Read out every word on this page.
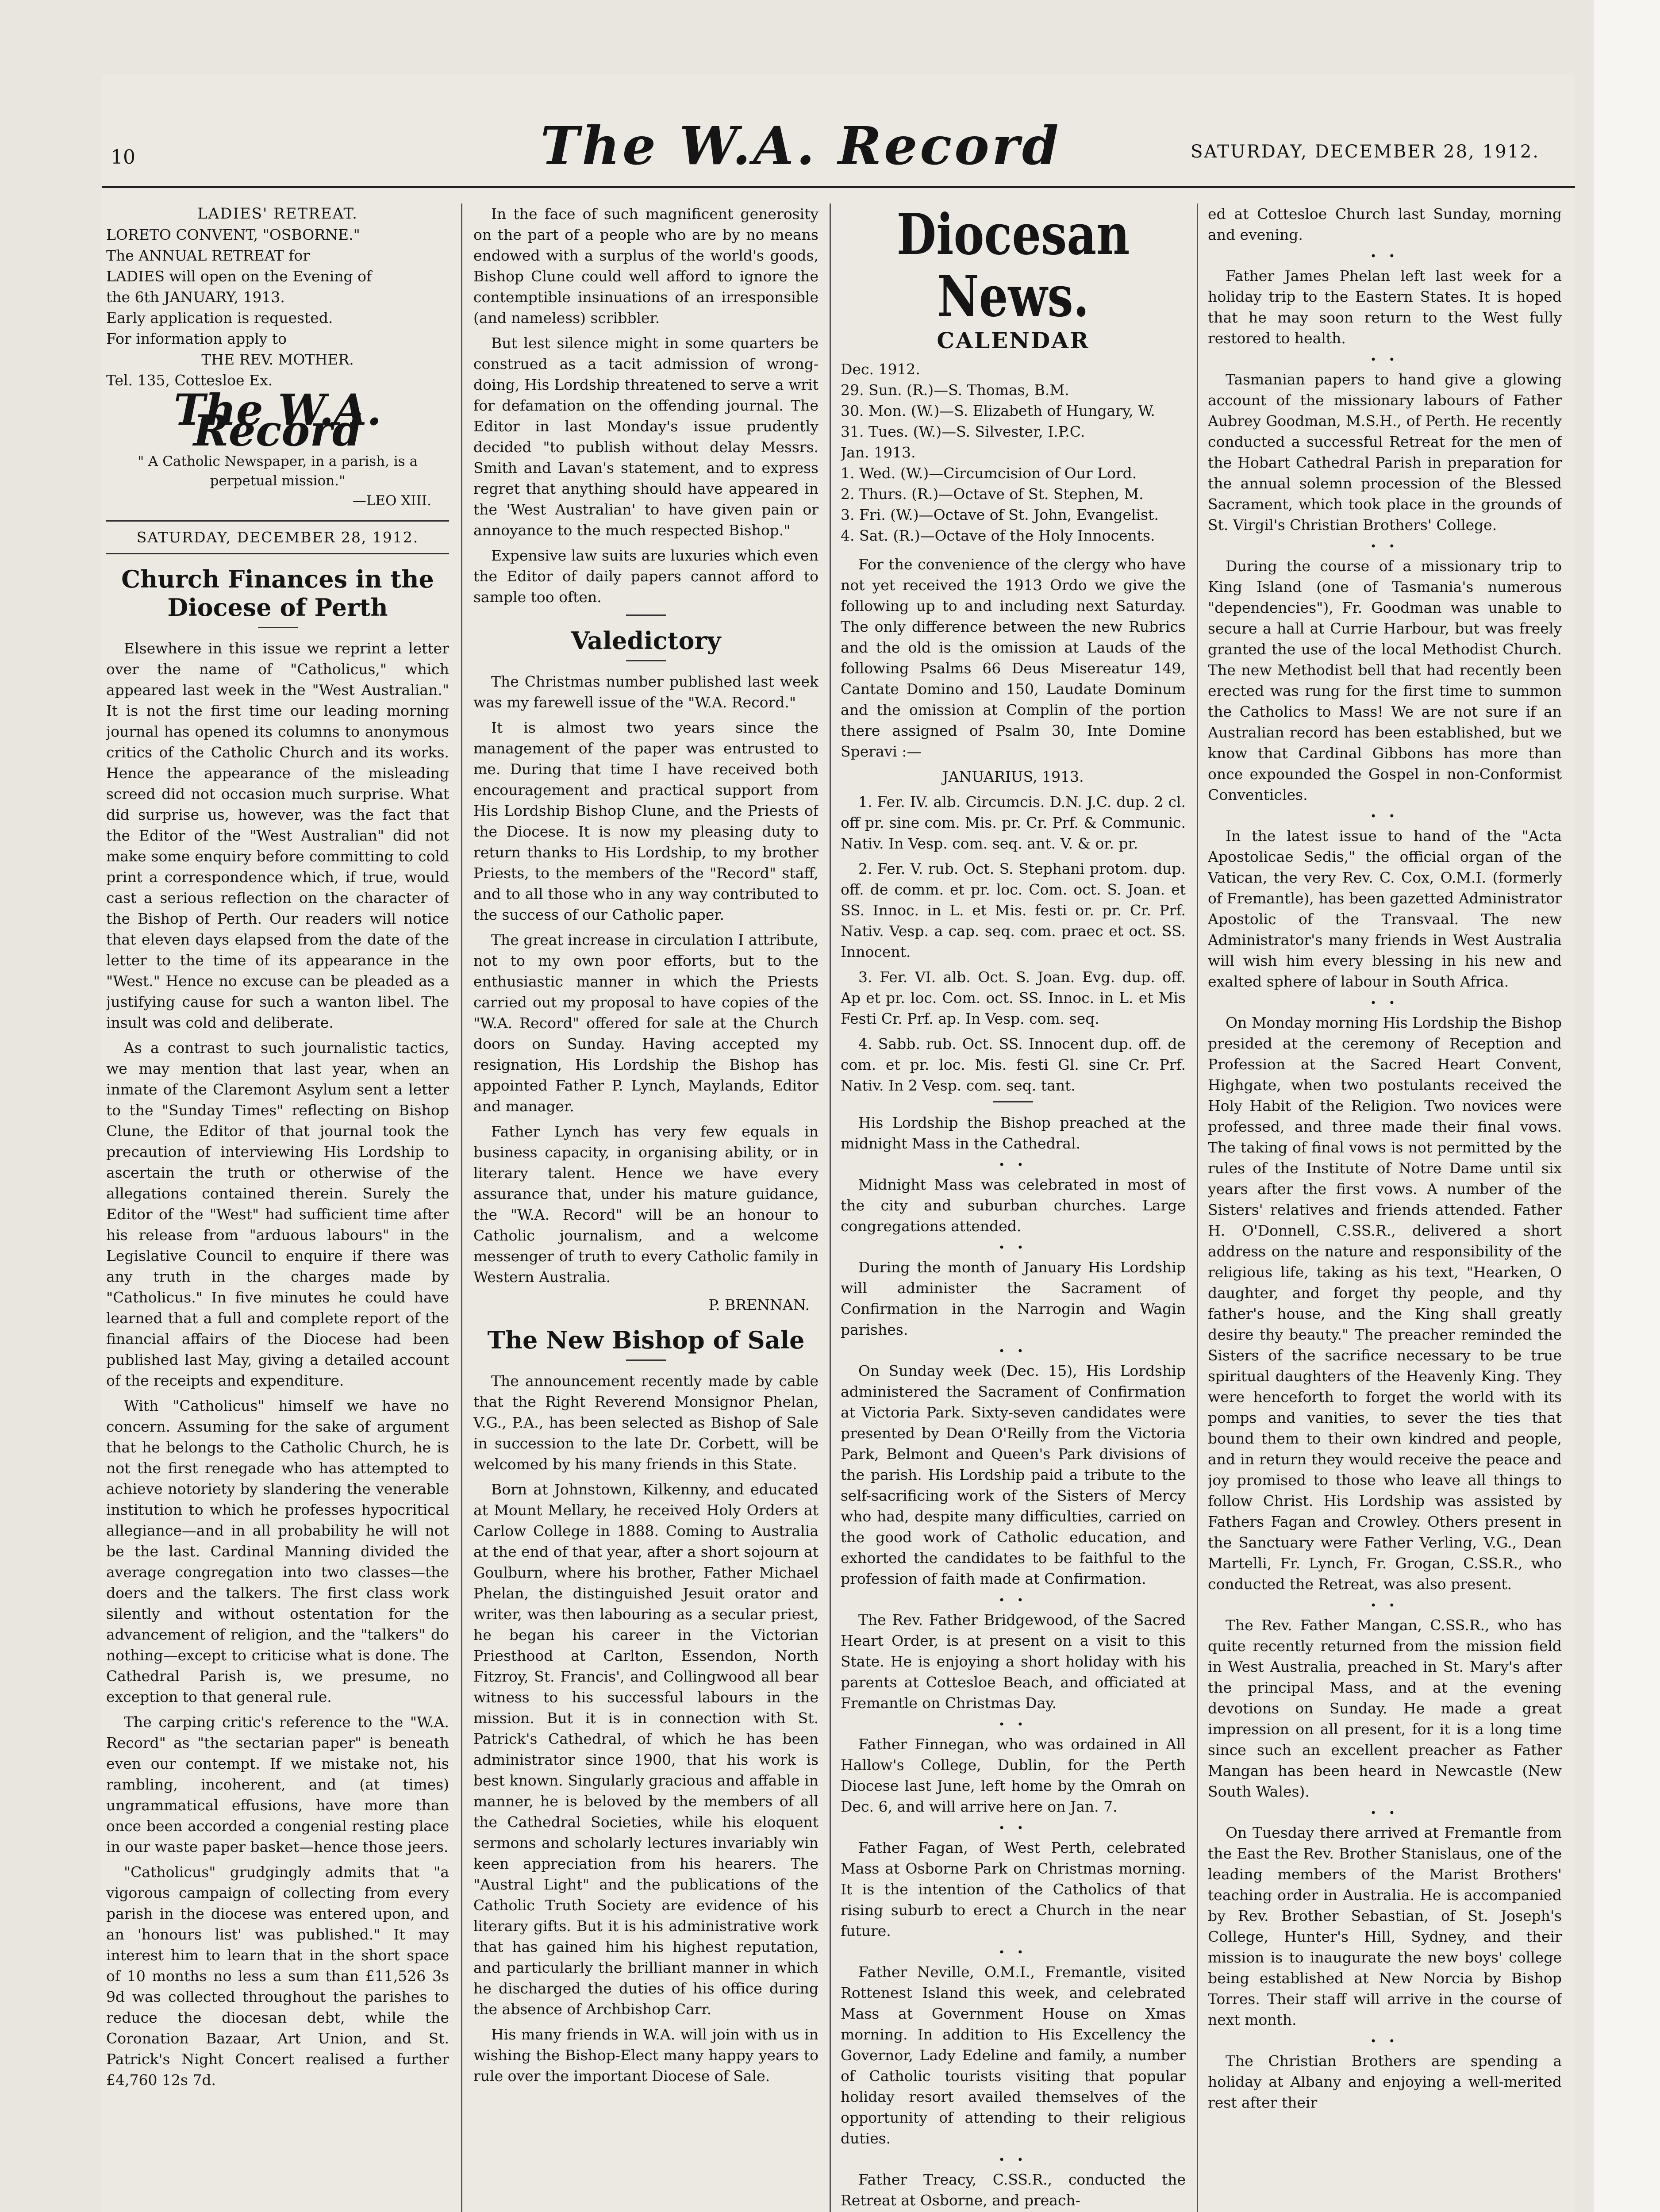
10	The W.A. Record	SATURDAY, DECEMBER 28, 1912.

LADIES' RETREAT.

LORETO CONVENT, "OSBORNE."

The ANNUAL RETREAT for

LADIES will open on the Evening of

the 6th JANUARY, 1913.

Early application is requested.

For information apply to

THE REV. MOTHER.

Tel. 135, Cottesloe Ex.

The W.A. Record
" A Catholic Newspaper, in a parish, is a perpetual mission."
—LEO XIII.
SATURDAY, DECEMBER 28, 1912.
Church Finances in the Diocese of Perth

Elsewhere in this issue we reprint a letter over the name of "Catholicus," which appeared last week in the "West Australian." It is not the first time our leading morning journal has opened its columns to anonymous critics of the Catholic Church and its works. Hence the appearance of the misleading screed did not occasion much surprise. What did surprise us, however, was the fact that the Editor of the "West Australian" did not make some enquiry before committing to cold print a correspondence which, if true, would cast a serious reflection on the character of the Bishop of Perth. Our readers will notice that eleven days elapsed from the date of the letter to the time of its appearance in the "West." Hence no excuse can be pleaded as a justifying cause for such a wanton libel. The insult was cold and deliberate.

As a contrast to such journalistic tactics, we may mention that last year, when an inmate of the Claremont Asylum sent a letter to the "Sunday Times" reflecting on Bishop Clune, the Editor of that journal took the precaution of interviewing His Lordship to ascertain the truth or otherwise of the allegations contained therein. Surely the Editor of the "West" had sufficient time after his release from "arduous labours" in the Legislative Council to enquire if there was any truth in the charges made by "Catholicus." In five minutes he could have learned that a full and complete report of the financial affairs of the Diocese had been published last May, giving a detailed account of the receipts and expenditure.

With "Catholicus" himself we have no concern. Assuming for the sake of argument that he belongs to the Catholic Church, he is not the first renegade who has attempted to achieve notoriety by slandering the venerable institution to which he professes hypocritical allegiance—and in all probability he will not be the last. Cardinal Manning divided the average congregation into two classes—the doers and the talkers. The first class work silently and without ostentation for the advancement of religion, and the "talkers" do nothing—except to criticise what is done. The Cathedral Parish is, we presume, no exception to that general rule.

The carping critic's reference to the "W.A. Record" as "the sectarian paper" is beneath even our contempt. If we mistake not, his rambling, incoherent, and (at times) ungrammatical effusions, have more than once been accorded a congenial resting place in our waste paper basket—hence those jeers.

"Catholicus" grudgingly admits that "a vigorous campaign of collecting from every parish in the diocese was entered upon, and an 'honours list' was published." It may interest him to learn that in the short space of 10 months no less a sum than £11,526 3s 9d was collected throughout the parishes to reduce the diocesan debt, while the Coronation Bazaar, Art Union, and St. Patrick's Night Concert realised a further £4,760 12s 7d.

In the face of such magnificent generosity on the part of a people who are by no means endowed with a surplus of the world's goods, Bishop Clune could well afford to ignore the contemptible insinuations of an irresponsible (and nameless) scribbler.

But lest silence might in some quarters be construed as a tacit admission of wrong-doing, His Lordship threatened to serve a writ for defamation on the offending journal. The Editor in last Monday's issue prudently decided "to publish without delay Messrs. Smith and Lavan's statement, and to express regret that anything should have appeared in the 'West Australian' to have given pain or annoyance to the much respected Bishop."

Expensive law suits are luxuries which even the Editor of daily papers cannot afford to sample too often.

Valedictory

The Christmas number published last week was my farewell issue of the "W.A. Record."

It is almost two years since the management of the paper was entrusted to me. During that time I have received both encouragement and practical support from His Lordship Bishop Clune, and the Priests of the Diocese. It is now my pleasing duty to return thanks to His Lordship, to my brother Priests, to the members of the "Record" staff, and to all those who in any way contributed to the success of our Catholic paper.

The great increase in circulation I attribute, not to my own poor efforts, but to the enthusiastic manner in which the Priests carried out my proposal to have copies of the "W.A. Record" offered for sale at the Church doors on Sunday. Having accepted my resignation, His Lordship the Bishop has appointed Father P. Lynch, Maylands, Editor and manager.

Father Lynch has very few equals in business capacity, in organising ability, or in literary talent. Hence we have every assurance that, under his mature guidance, the "W.A. Record" will be an honour to Catholic journalism, and a welcome messenger of truth to every Catholic family in Western Australia.

P. BRENNAN.
The New Bishop of Sale

The announcement recently made by cable that the Right Reverend Monsignor Phelan, V.G., P.A., has been selected as Bishop of Sale in succession to the late Dr. Corbett, will be welcomed by his many friends in this State.

Born at Johnstown, Kilkenny, and educated at Mount Mellary, he received Holy Orders at Carlow College in 1888. Coming to Australia at the end of that year, after a short sojourn at Goulburn, where his brother, Father Michael Phelan, the distinguished Jesuit orator and writer, was then labouring as a secular priest, he began his career in the Victorian Priesthood at Carlton, Essendon, North Fitzroy, St. Francis', and Collingwood all bear witness to his successful labours in the mission. But it is in connection with St. Patrick's Cathedral, of which he has been administrator since 1900, that his work is best known. Singularly gracious and affable in manner, he is beloved by the members of all the Cathedral Societies, while his eloquent sermons and scholarly lectures invariably win keen appreciation from his hearers. The "Austral Light" and the publications of the Catholic Truth Society are evidence of his literary gifts. But it is his administrative work that has gained him his highest reputation, and particularly the brilliant manner in which he discharged the duties of his office during the absence of Archbishop Carr.

His many friends in W.A. will join with us in wishing the Bishop-Elect many happy years to rule over the important Diocese of Sale.

Diocesan News.
CALENDAR

Dec. 1912.

29. Sun. (R.)—S. Thomas, B.M.

30. Mon. (W.)—S. Elizabeth of Hungary, W.

31. Tues. (W.)—S. Silvester, I.P.C.

Jan. 1913.

1. Wed. (W.)—Circumcision of Our Lord.

2. Thurs. (R.)—Octave of St. Stephen, M.

3. Fri. (W.)—Octave of St. John, Evangelist.

4. Sat. (R.)—Octave of the Holy Innocents.

For the convenience of the clergy who have not yet received the 1913 Ordo we give the following up to and including next Saturday. The only difference between the new Rubrics and the old is the omission at Lauds of the following Psalms 66 Deus Misereatur 149, Cantate Domino and 150, Laudate Dominum and the omission at Complin of the portion there assigned of Psalm 30, Inte Domine Speravi :—

JANUARIUS, 1913.

1. Fer. IV. alb. Circumcis. D.N. J.C. dup. 2 cl. off pr. sine com. Mis. pr. Cr. Prf. & Communic. Nativ. In Vesp. com. seq. ant. V. & or. pr.

2. Fer. V. rub. Oct. S. Stephani protom. dup. off. de comm. et pr. loc. Com. oct. S. Joan. et SS. Innoc. in L. et Mis. festi or. pr. Cr. Prf. Nativ. Vesp. a cap. seq. com. praec et oct. SS. Innocent.

3. Fer. VI. alb. Oct. S. Joan. Evg. dup. off. Ap et pr. loc. Com. oct. SS. Innoc. in L. et Mis Festi Cr. Prf. ap. In Vesp. com. seq.

4. Sabb. rub. Oct. SS. Innocent dup. off. de com. et pr. loc. Mis. festi Gl. sine Cr. Prf. Nativ. In 2 Vesp. com. seq. tant.

His Lordship the Bishop preached at the midnight Mass in the Cathedral.

• •

Midnight Mass was celebrated in most of the city and suburban churches. Large congregations attended.

• •

During the month of January His Lordship will administer the Sacrament of Confirmation in the Narrogin and Wagin parishes.

• •

On Sunday week (Dec. 15), His Lordship administered the Sacrament of Confirmation at Victoria Park. Sixty-seven candidates were presented by Dean O'Reilly from the Victoria Park, Belmont and Queen's Park divisions of the parish. His Lordship paid a tribute to the self-sacrificing work of the Sisters of Mercy who had, despite many difficulties, carried on the good work of Catholic education, and exhorted the candidates to be faithful to the profession of faith made at Confirmation.

• •

The Rev. Father Bridgewood, of the Sacred Heart Order, is at present on a visit to this State. He is enjoying a short holiday with his parents at Cottesloe Beach, and officiated at Fremantle on Christmas Day.

• •

Father Finnegan, who was ordained in All Hallow's College, Dublin, for the Perth Diocese last June, left home by the Omrah on Dec. 6, and will arrive here on Jan. 7.

• •

Father Fagan, of West Perth, celebrated Mass at Osborne Park on Christmas morning. It is the intention of the Catholics of that rising suburb to erect a Church in the near future.

• •

Father Neville, O.M.I., Fremantle, visited Rottenest Island this week, and celebrated Mass at Government House on Xmas morning. In addition to His Excellency the Governor, Lady Edeline and family, a number of Catholic tourists visiting that popular holiday resort availed themselves of the opportunity of attending to their religious duties.

• •

Father Treacy, C.SS.R., conducted the Retreat at Osborne, and preach-

ed at Cottesloe Church last Sunday, morning and evening.

• •

Father James Phelan left last week for a holiday trip to the Eastern States. It is hoped that he may soon return to the West fully restored to health.

• •

Tasmanian papers to hand give a glowing account of the missionary labours of Father Aubrey Goodman, M.S.H., of Perth. He recently conducted a successful Retreat for the men of the Hobart Cathedral Parish in preparation for the annual solemn procession of the Blessed Sacrament, which took place in the grounds of St. Virgil's Christian Brothers' College.

• •

During the course of a missionary trip to King Island (one of Tasmania's numerous "dependencies"), Fr. Goodman was unable to secure a hall at Currie Harbour, but was freely granted the use of the local Methodist Church. The new Methodist bell that had recently been erected was rung for the first time to summon the Catholics to Mass! We are not sure if an Australian record has been established, but we know that Cardinal Gibbons has more than once expounded the Gospel in non-Conformist Conventicles.

• •

In the latest issue to hand of the "Acta Apostolicae Sedis," the official organ of the Vatican, the very Rev. C. Cox, O.M.I. (formerly of Fremantle), has been gazetted Administrator Apostolic of the Transvaal. The new Administrator's many friends in West Australia will wish him every blessing in his new and exalted sphere of labour in South Africa.

• •

On Monday morning His Lordship the Bishop presided at the ceremony of Reception and Profession at the Sacred Heart Convent, Highgate, when two postulants received the Holy Habit of the Religion. Two novices were professed, and three made their final vows. The taking of final vows is not permitted by the rules of the Institute of Notre Dame until six years after the first vows. A number of the Sisters' relatives and friends attended. Father H. O'Donnell, C.SS.R., delivered a short address on the nature and responsibility of the religious life, taking as his text, "Hearken, O daughter, and forget thy people, and thy father's house, and the King shall greatly desire thy beauty." The preacher reminded the Sisters of the sacrifice necessary to be true spiritual daughters of the Heavenly King. They were henceforth to forget the world with its pomps and vanities, to sever the ties that bound them to their own kindred and people, and in return they would receive the peace and joy promised to those who leave all things to follow Christ. His Lordship was assisted by Fathers Fagan and Crowley. Others present in the Sanctuary were Father Verling, V.G., Dean Martelli, Fr. Lynch, Fr. Grogan, C.SS.R., who conducted the Retreat, was also present.

• •

The Rev. Father Mangan, C.SS.R., who has quite recently returned from the mission field in West Australia, preached in St. Mary's after the principal Mass, and at the evening devotions on Sunday. He made a great impression on all present, for it is a long time since such an excellent preacher as Father Mangan has been heard in Newcastle (New South Wales).

• •

On Tuesday there arrived at Fremantle from the East the Rev. Brother Stanislaus, one of the leading members of the Marist Brothers' teaching order in Australia. He is accompanied by Rev. Brother Sebastian, of St. Joseph's College, Hunter's Hill, Sydney, and their mission is to inaugurate the new boys' college being established at New Norcia by Bishop Torres. Their staff will arrive in the course of next month.

• •

The Christian Brothers are spending a holiday at Albany and enjoying a well-merited rest after their
